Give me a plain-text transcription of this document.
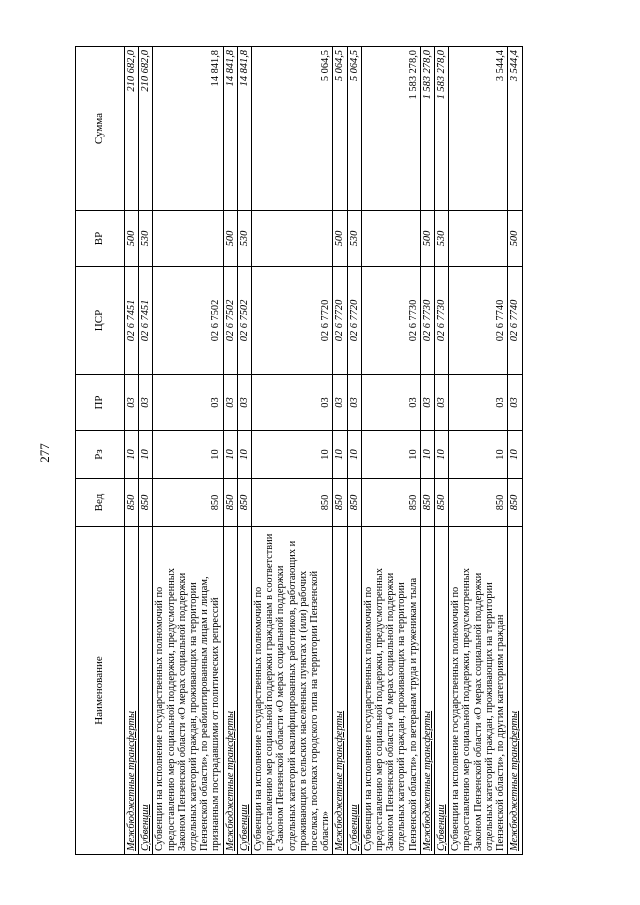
277
Наименование	Вед	Рз	ПР	ЦСР	ВР	Сумма
Межбюджетные трансферты	850	10	03	02 6 7451	500	210 682,0
Субвенции	850	10	03	02 6 7451	530	210 682,0
Субвенции на исполнение государственных полномочий по предоставлению мер социальной поддержки, предусмотренных Законом Пензенской области «О мерах социальной поддержки отдельных категорий граждан, проживающих на территории Пензенской области», по реабилитированным лицам и лицам, признанным пострадавшими от политических репрессий	850	10	03	02 6 7502		14 841,8
Межбюджетные трансферты	850	10	03	02 6 7502	500	14 841,8
Субвенции	850	10	03	02 6 7502	530	14 841,8
Субвенции на исполнение государственных полномочий по предоставлению мер социальной поддержки гражданам в соответствии с Законом Пензенской области «О мерах социальной поддержки отдельных категорий квалифицированных работников, работающих и проживающих в сельских населенных пунктах и (или) рабочих поселках, поселках городского типа на территории Пензенской области»	850	10	03	02 6 7720		5 064,5
Межбюджетные трансферты	850	10	03	02 6 7720	500	5 064,5
Субвенции	850	10	03	02 6 7720	530	5 064,5
Субвенции на исполнение государственных полномочий по предоставлению мер социальной поддержки, предусмотренных Законом Пензенской области «О мерах социальной поддержки отдельных категорий граждан, проживающих на территории Пензенской области», по ветеранам труда и труженикам тыла	850	10	03	02 6 7730		1 583 278,0
Межбюджетные трансферты	850	10	03	02 6 7730	500	1 583 278,0
Субвенции	850	10	03	02 6 7730	530	1 583 278,0
Субвенции на исполнение государственных полномочий по предоставлению мер социальной поддержки, предусмотренных Законом Пензенской области «О мерах социальной поддержки отдельных категорий граждан, проживающих на территории Пензенской области», по другим категориям граждан	850	10	03	02 6 7740		3 544,4
Межбюджетные трансферты	850	10	03	02 6 7740	500	3 544,4
